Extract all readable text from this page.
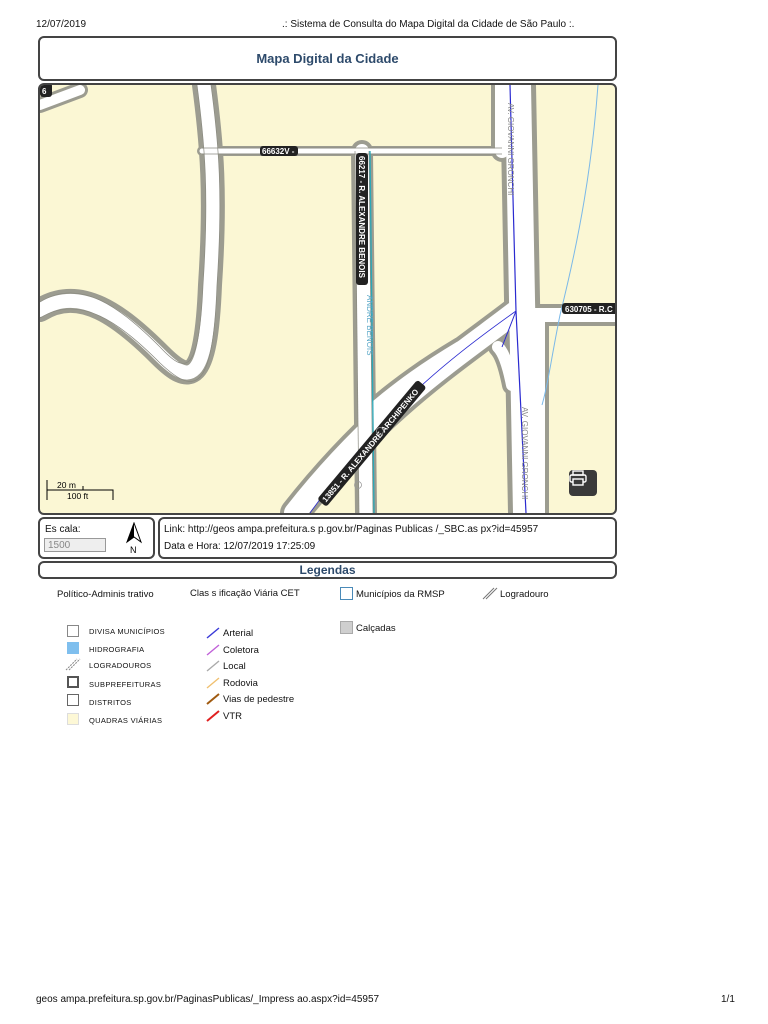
12/07/2019	.: Sistema de Consulta do Mapa Digital da Cidade de São Paulo :.
Mapa Digital da Cidade
6
66632V -
630705 - R. C
66217 - R. ALEXANDRE BENOIS
ANDRE BENOIS
13851 - R. ALEXANDRE ARCHIPENKO
AV. GIOVANNI GRONCHI
AV. GIOVANNI GRONCHI
20 m
100 ft
Es cala:
1500
N
Link: http://geos ampa.prefeitura.s p.gov.br/Paginas Publicas /_SBC.as px?id=45957
Data e Hora: 12/07/2019 17:25:09
Legendas
Político-Adminis trativo	Clas s ificação Viária CET	Municípios da RMSP	Logradouro
DIVISA MUNICÍPIOS
HIDROGRAFIA
LOGRADOUROS
SUBPREFEITURAS
DISTRITOS
QUADRAS VIÁRIAS
Arterial
Coletora
Local
Rodovia
Vias de pedestre
VTR
Calçadas
geos ampa.prefeitura.sp.gov.br/PaginasPublicas/_Impress ao.aspx?id=45957	1/1
